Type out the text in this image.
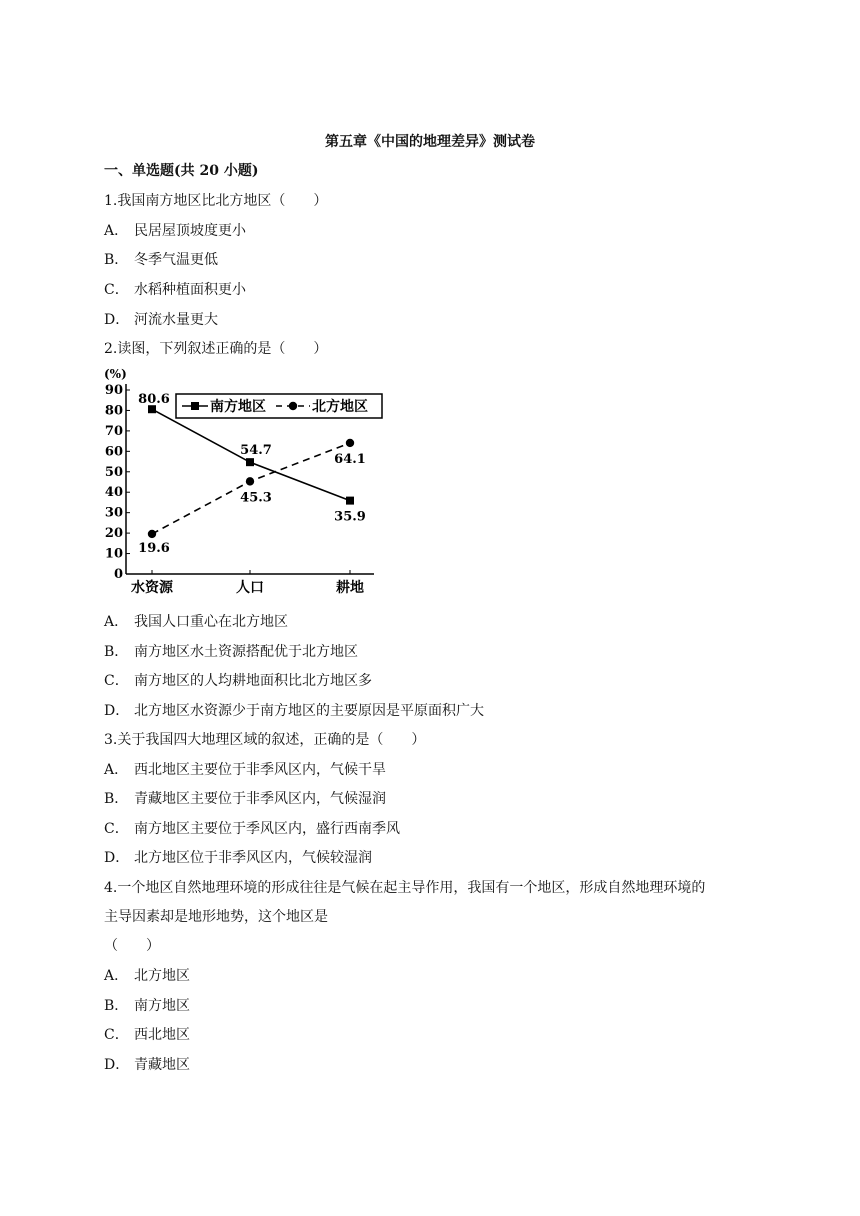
第五章《中国的地理差异》测试卷
一、单选题(共 20 小题)
1.我国南方地区比北方地区（　　）
A． 民居屋顶坡度更小
B． 冬季气温更低
C． 水稻种植面积更小
D． 河流水量更大
2.读图，下列叙述正确的是（　　）
0
10
20
30
40
50
60
70
80
90
(%)
水资源	人口	耕地
80.6
54.7
35.9
19.6
45.3
64.1
南方地区	北方地区
A． 我国人口重心在北方地区
B． 南方地区水土资源搭配优于北方地区
C． 南方地区的人均耕地面积比北方地区多
D． 北方地区水资源少于南方地区的主要原因是平原面积广大
3.关于我国四大地理区域的叙述，正确的是（　　）
A． 西北地区主要位于非季风区内，气候干旱
B． 青藏地区主要位于非季风区内，气候湿润
C． 南方地区主要位于季风区内，盛行西南季风
D． 北方地区位于非季风区内，气候较湿润
4.一个地区自然地理环境的形成往往是气候在起主导作用，我国有一个地区，形成自然地理环境的
主导因素却是地形地势，这个地区是
（　　）
A． 北方地区
B． 南方地区
C． 西北地区
D． 青藏地区
